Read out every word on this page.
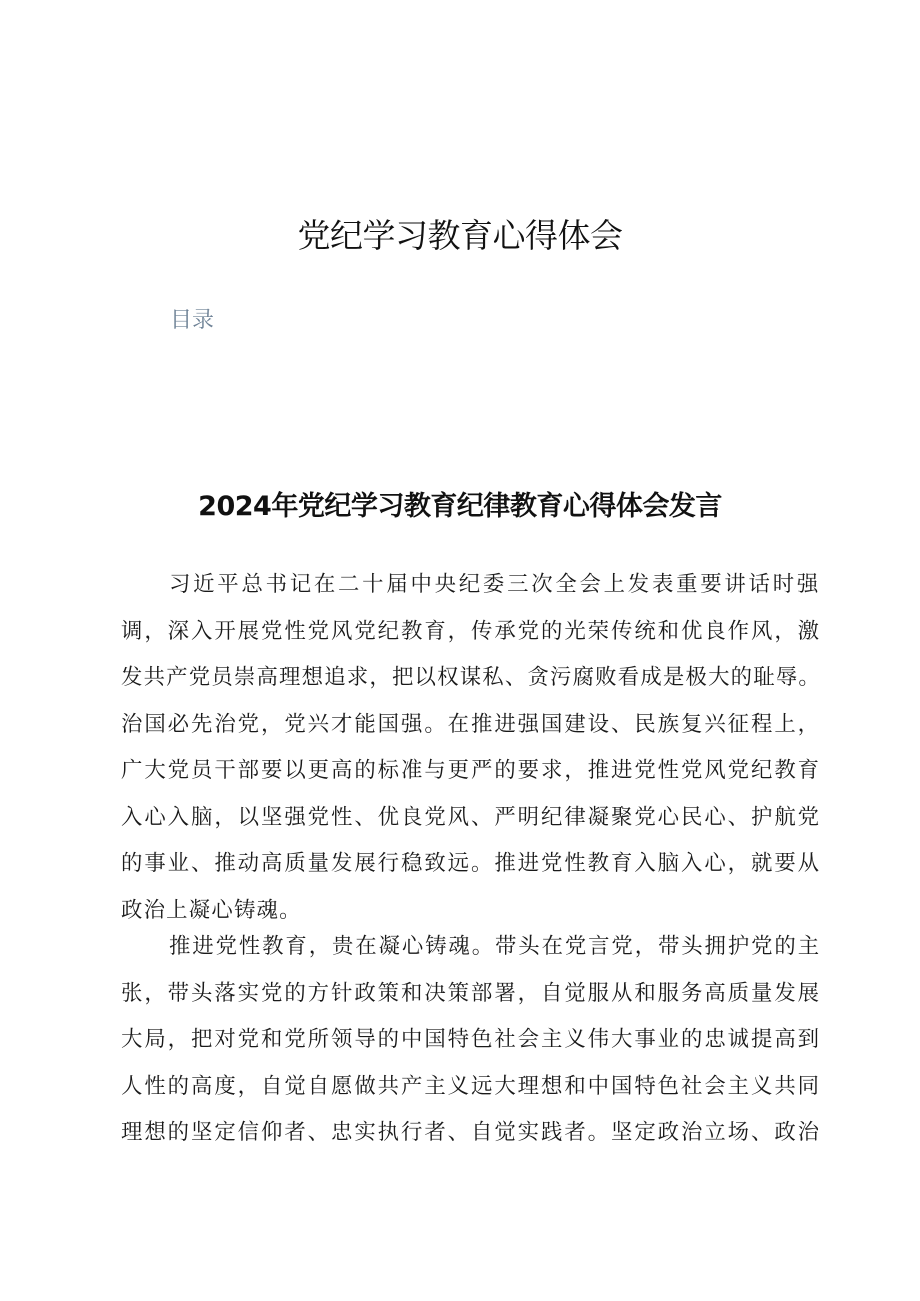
党纪学习教育心得体会
目录
2024年党纪学习教育纪律教育心得体会发言
习近平总书记在二十届中央纪委三次全会上发表重要讲话时强
调，深入开展党性党风党纪教育，传承党的光荣传统和优良作风，激
发共产党员崇高理想追求，把以权谋私、贪污腐败看成是极大的耻辱。
治国必先治党，党兴才能国强。在推进强国建设、民族复兴征程上，
广大党员干部要以更高的标准与更严的要求，推进党性党风党纪教育
入心入脑，以坚强党性、优良党风、严明纪律凝聚党心民心、护航党
的事业、推动高质量发展行稳致远。推进党性教育入脑入心，就要从
政治上凝心铸魂。
推进党性教育，贵在凝心铸魂。带头在党言党，带头拥护党的主
张，带头落实党的方针政策和决策部署，自觉服从和服务高质量发展
大局，把对党和党所领导的中国特色社会主义伟大事业的忠诚提高到
人性的高度，自觉自愿做共产主义远大理想和中国特色社会主义共同
理想的坚定信仰者、忠实执行者、自觉实践者。坚定政治立场、政治
